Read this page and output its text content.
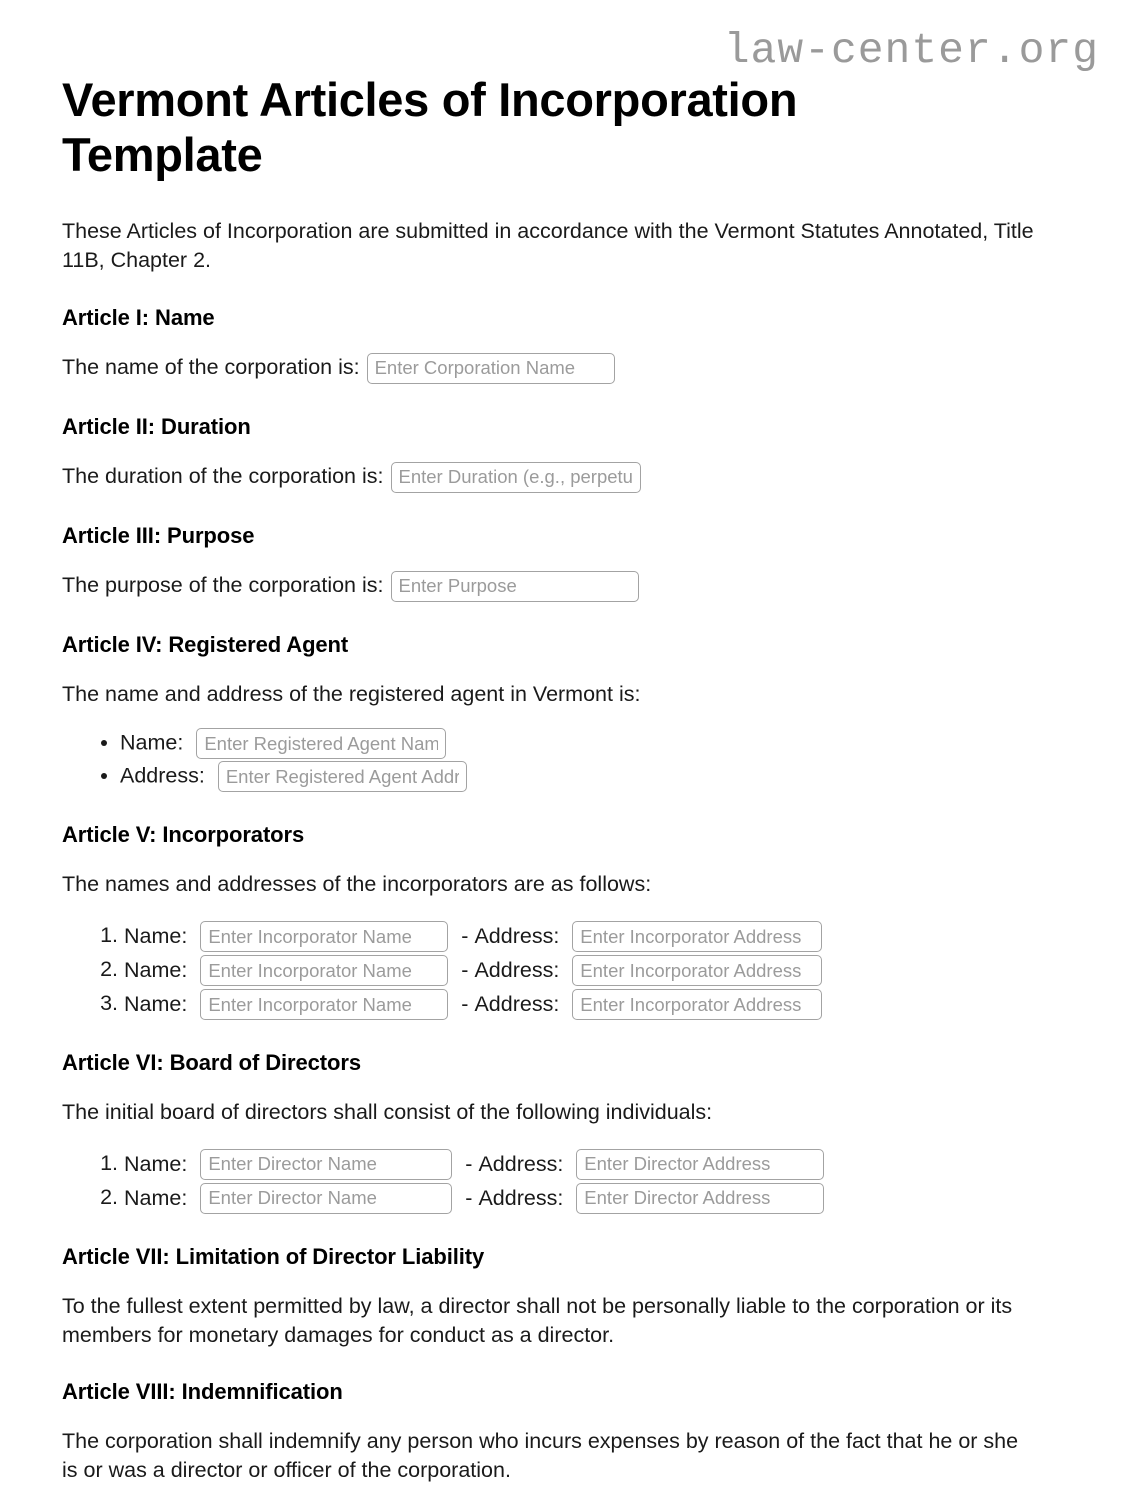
law-center.org
Vermont Articles of Incorporation Template

These Articles of Incorporation are submitted in accordance with the Vermont Statutes Annotated, Title 11B, Chapter 2.

Article I: Name

The name of the corporation is:
Enter Corporation Name

Article II: Duration

The duration of the corporation is:
Enter Duration (e.g., perpetual)

Article III: Purpose

The purpose of the corporation is:
Enter Purpose

Article IV: Registered Agent

The name and address of the registered agent in Vermont is:

• Name: Enter Registered Agent Name
• Address: Enter Registered Agent Address
Article V: Incorporators

The names and addresses of the incorporators are as follows:

1. Name: Enter Incorporator Name	- Address: Enter Incorporator Address
2. Name: Enter Incorporator Name	- Address: Enter Incorporator Address
3. Name: Enter Incorporator Name	- Address: Enter Incorporator Address
Article VI: Board of Directors

The initial board of directors shall consist of the following individuals:

1. Name: Enter Director Name	- Address: Enter Director Address
2. Name: Enter Director Name	- Address: Enter Director Address
Article VII: Limitation of Director Liability

To the fullest extent permitted by law, a director shall not be personally liable to the corporation or its members for monetary damages for conduct as a director.

Article VIII: Indemnification

The corporation shall indemnify any person who incurs expenses by reason of the fact that he or she is or was a director or officer of the corporation.
